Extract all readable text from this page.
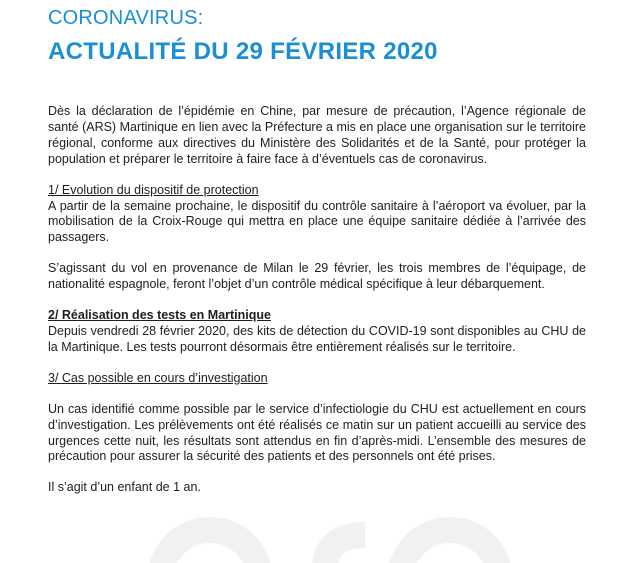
CORONAVIRUS:
ACTUALITÉ DU 29 FÉVRIER 2020

Dès la déclaration de l’épidémie en Chine, par mesure de précaution, l’Agence régionale de santé (ARS) Martinique en lien avec la Préfecture a mis en place une organisation sur le territoire régional, conforme aux directives du Ministère des Solidarités et de la Santé, pour protéger la population et préparer le territoire à faire face à d’éventuels cas de coronavirus.

1/ Evolution du dispositif de protection

A partir de la semaine prochaine, le dispositif du contrôle sanitaire à l’aéroport va évoluer, par la mobilisation de la Croix-Rouge qui mettra en place une équipe sanitaire dédiée à l’arrivée des passagers.

S’agissant du vol en provenance de Milan le 29 février, les trois membres de l’équipage, de nationalité espagnole, feront l’objet d’un contrôle médical spécifique à leur débarquement.

2/ Réalisation des tests en Martinique

Depuis vendredi 28 février 2020, des kits de détection du COVID-19 sont disponibles au CHU de la Martinique. Les tests pourront désormais être entièrement réalisés sur le territoire.

3/ Cas possible en cours d’investigation

Un cas identifié comme possible par le service d’infectiologie du CHU est actuellement en cours d’investigation. Les prélèvements ont été réalisés ce matin sur un patient accueilli au service des urgences cette nuit, les résultats sont attendus en fin d’après-midi. L’ensemble des mesures de précaution pour assurer la sécurité des patients et des personnels ont été prises.

Il s’agit d’un enfant de 1 an.
